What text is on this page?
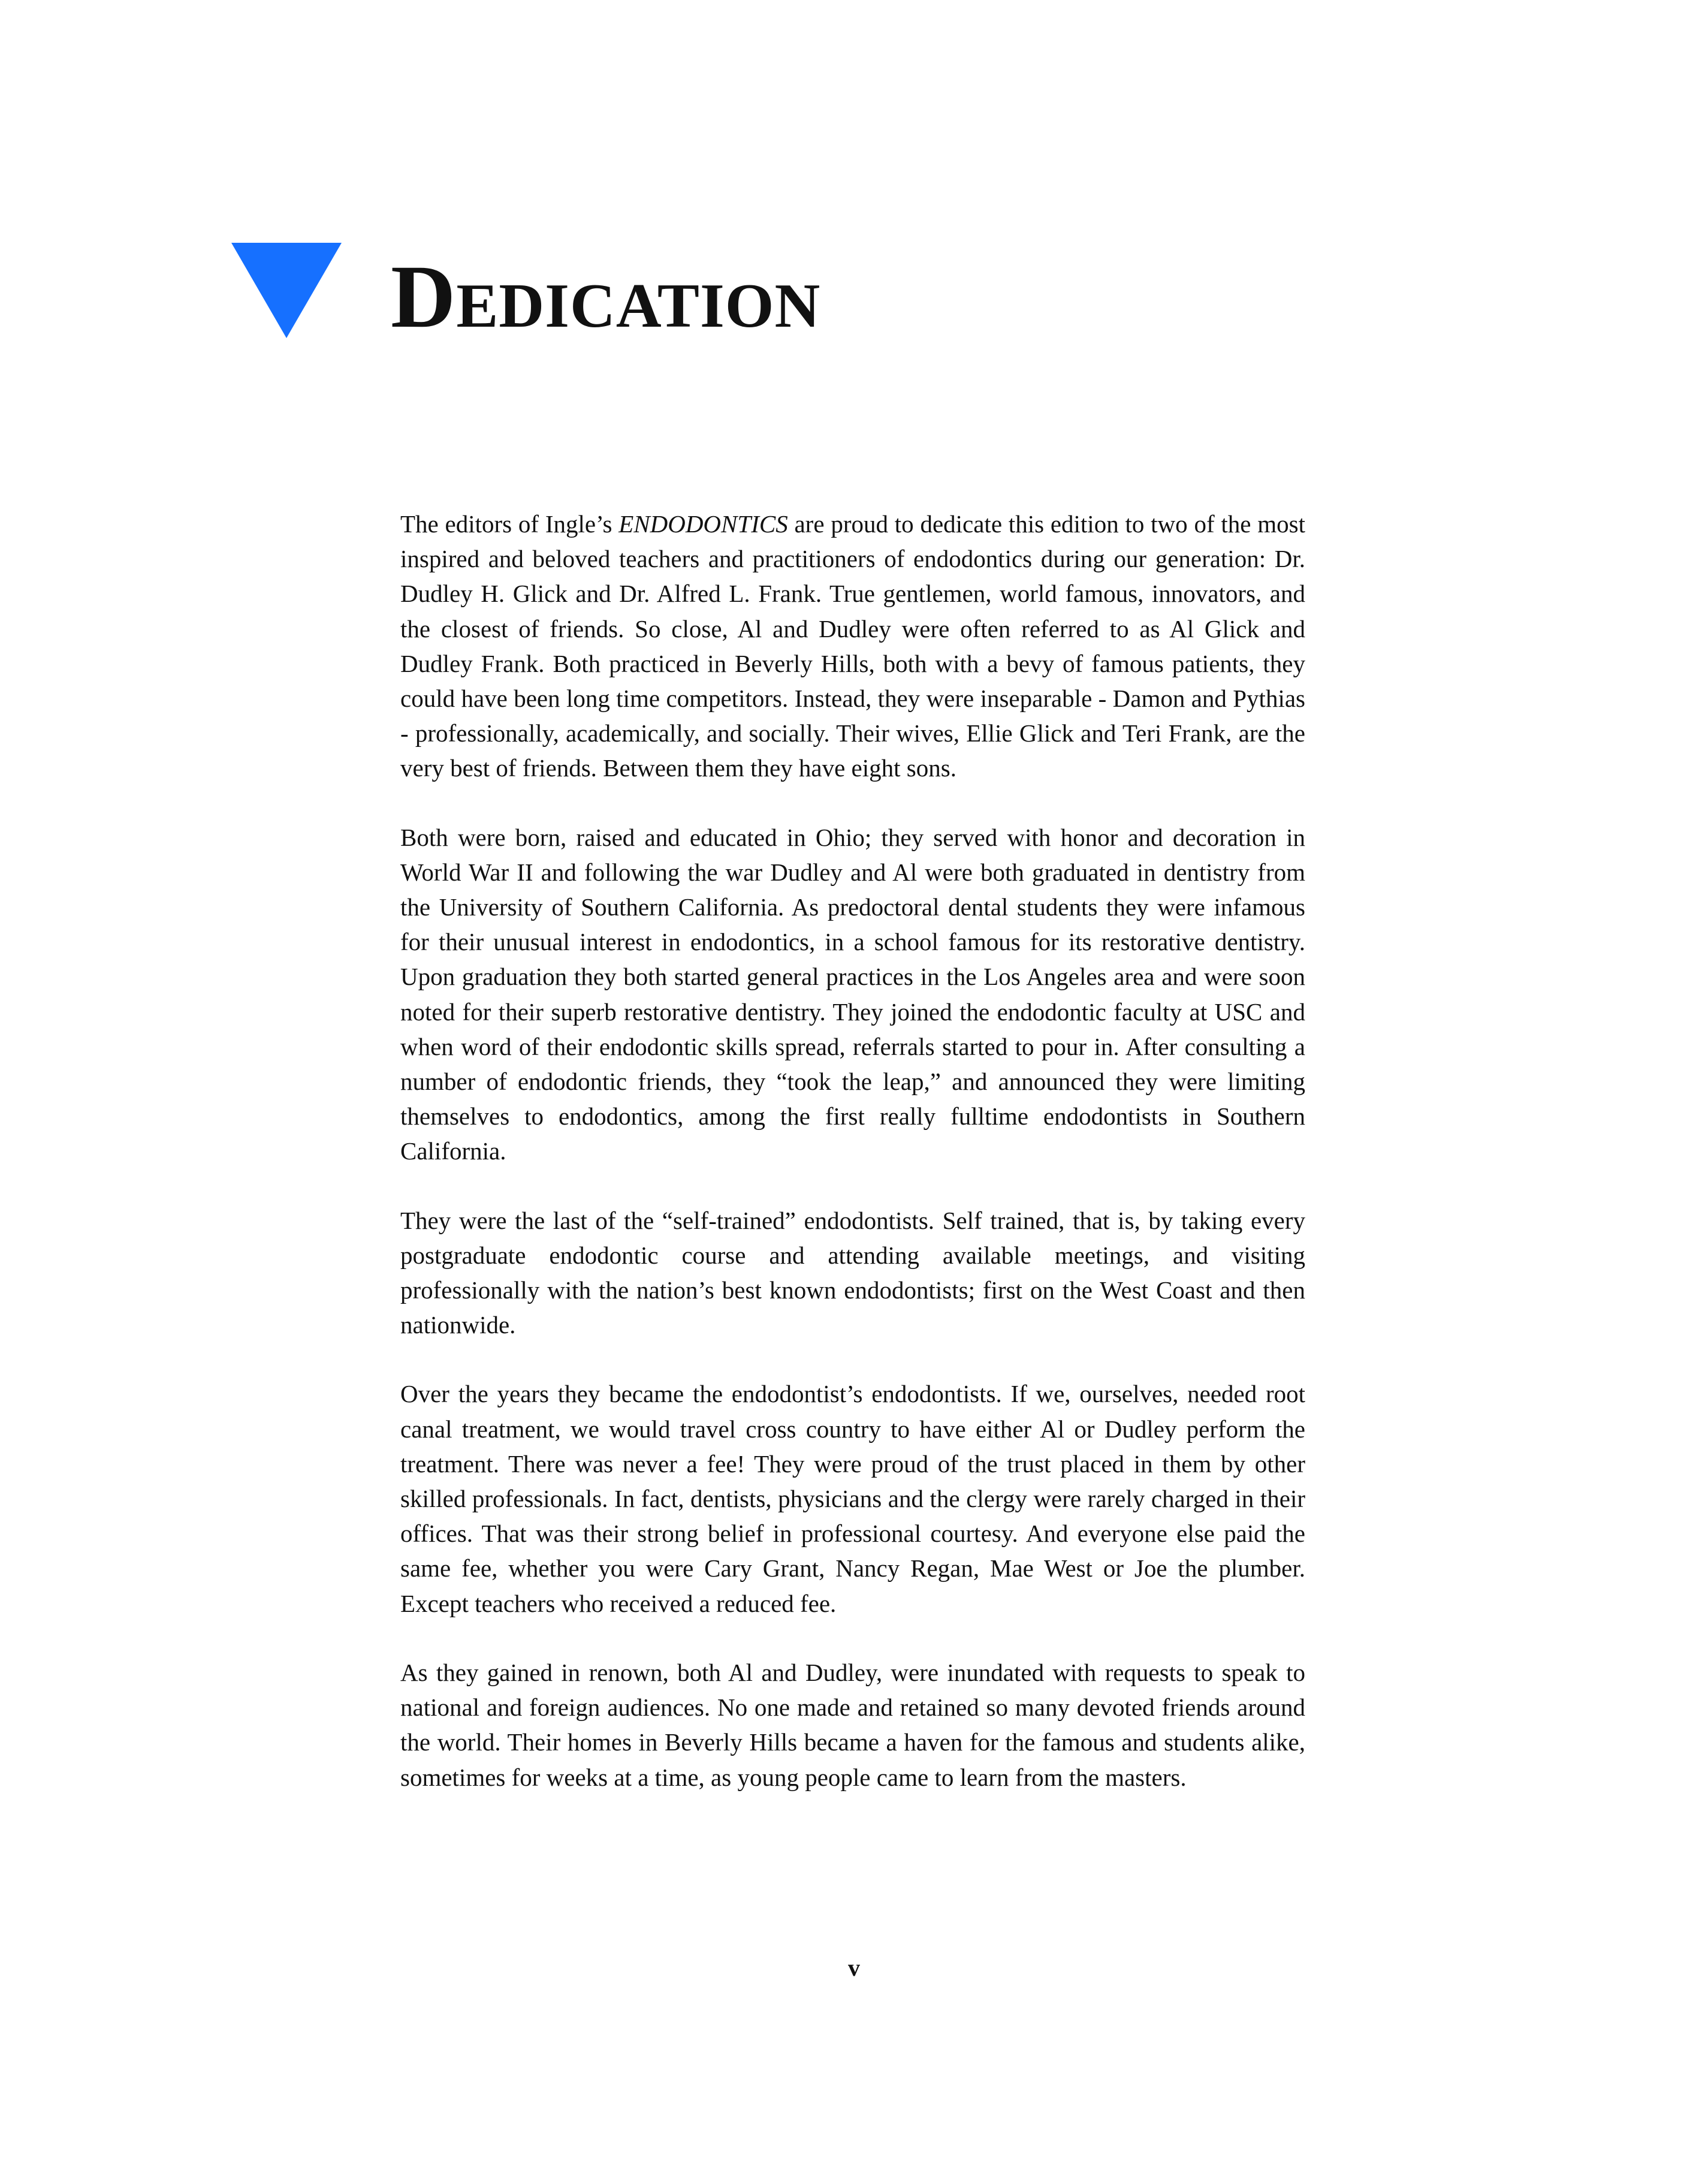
Dedication

The editors of Ingle’s ENDODONTICS are proud to dedicate this edition to two of the most inspired and beloved teachers and practitioners of endodontics during our generation: Dr. Dudley H. Glick and Dr. Alfred L. Frank. True gentlemen, world famous, innovators, and the closest of friends. So close, Al and Dudley were often referred to as Al Glick and Dudley Frank. Both practiced in Beverly Hills, both with a bevy of famous patients, they could have been long time competitors. Instead, they were inseparable - Damon and Pythias - professionally, academically, and socially. Their wives, Ellie Glick and Teri Frank, are the very best of friends. Between them they have eight sons.

Both were born, raised and educated in Ohio; they served with honor and decoration in World War II and following the war Dudley and Al were both graduated in dentistry from the University of Southern California. As predoctoral dental students they were infamous for their unusual interest in endodontics, in a school famous for its restorative dentistry. Upon graduation they both started general practices in the Los Angeles area and were soon noted for their superb restorative dentistry. They joined the endodontic faculty at USC and when word of their endodontic skills spread, referrals started to pour in. After consulting a number of endodontic friends, they “took the leap,” and announced they were limiting themselves to endodontics, among the first really fulltime endodontists in Southern California.

They were the last of the “self-trained” endodontists. Self trained, that is, by taking every postgraduate endodontic course and attending available meetings, and visiting professionally with the nation’s best known endodontists; first on the West Coast and then nationwide.

Over the years they became the endodontist’s endodontists. If we, ourselves, needed root canal treatment, we would travel cross country to have either Al or Dudley perform the treatment. There was never a fee! They were proud of the trust placed in them by other skilled professionals. In fact, dentists, physicians and the clergy were rarely charged in their offices. That was their strong belief in professional courtesy. And everyone else paid the same fee, whether you were Cary Grant, Nancy Regan, Mae West or Joe the plumber. Except teachers who received a reduced fee.

As they gained in renown, both Al and Dudley, were inundated with requests to speak to national and foreign audiences. No one made and retained so many devoted friends around the world. Their homes in Beverly Hills became a haven for the famous and students alike, sometimes for weeks at a time, as young people came to learn from the masters.

v
